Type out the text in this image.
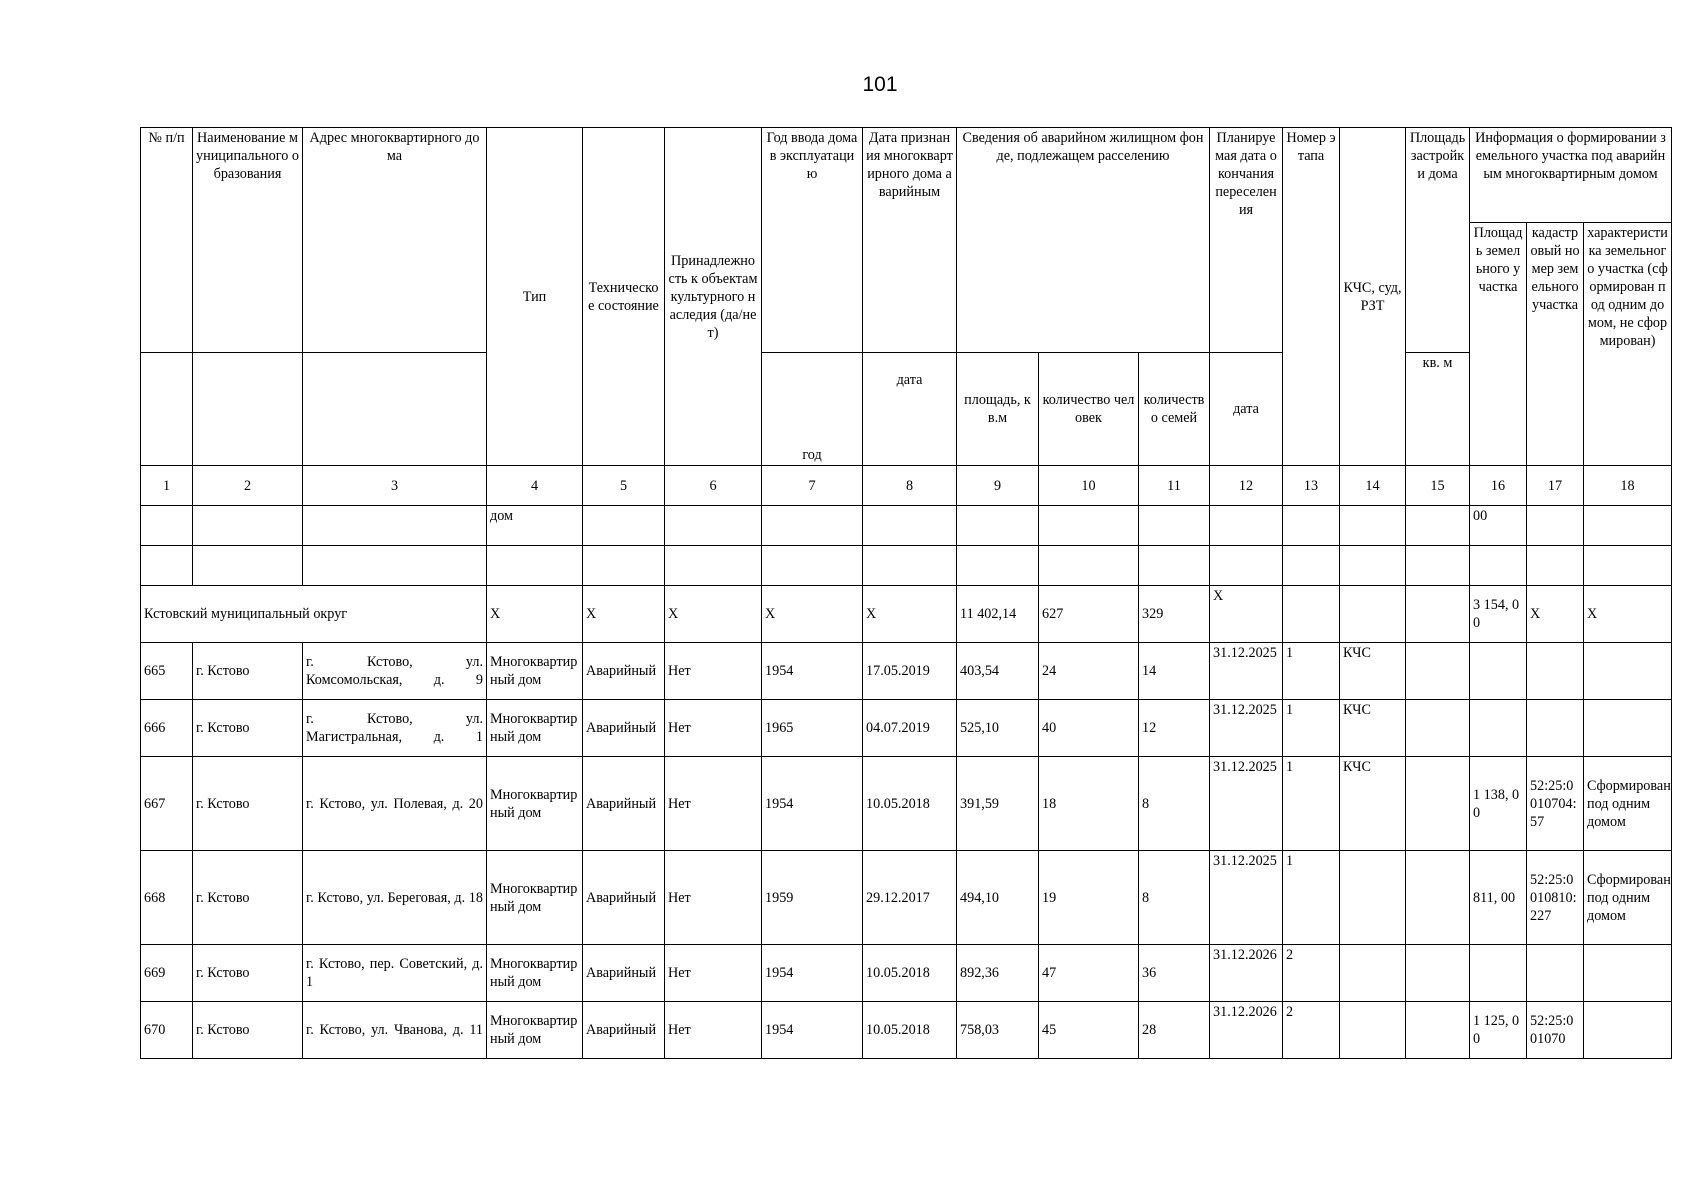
101
№ п/п	Наименование муниципального образования	Адрес многоквартирного дома	Тип	Техническое состояние	Принадлежность к объектам культурного наследия (да/нет)	Год ввода дома в эксплуатацию	Дата признания многоквартирного дома аварийным	Сведения об аварийном жилищном фонде, подлежащем расселению			Планируемая дата окончания переселения	Номер этапа	КЧС, суд, РЗТ	Площадь застройки дома	Информация о формировании земельного участка под аварийным многоквартирным домом		
															Площадь земельного участка	кадастровый номер земельного участка	характеристика земельного участка (сформирован под одним домом, не сформирован)
						год	дата	площадь, кв.м	количество человек	количество семей	дата			кв. м			
1	2	3	4	5	6	7	8	9	10	11	12	13	14	15	16	17	18
			дом												00		

Кстовский муниципальный округ			Х	Х	Х	Х	Х	11 402,14	627	329	Х				3 154, 00	Х	Х
665	г. Кстово	г. Кстово, ул. Комсомольская, д. 9	Многоквартирный дом	Аварийный	Нет	1954	17.05.2019	403,54	24	14	31.12.2025	1	КЧС				
666	г. Кстово	г. Кстово, ул. Магистральная, д. 1	Многоквартирный дом	Аварийный	Нет	1965	04.07.2019	525,10	40	12	31.12.2025	1	КЧС				
667	г. Кстово	г. Кстово, ул. Полевая, д. 20	Многоквартирный дом	Аварийный	Нет	1954	10.05.2018	391,59	18	8	31.12.2025	1	КЧС		1 138, 00	52:25:0010704:57	Сформирован под одним домом
668	г. Кстово	г. Кстово, ул. Береговая, д. 18	Многоквартирный дом	Аварийный	Нет	1959	29.12.2017	494,10	19	8	31.12.2025	1			811, 00	52:25:0010810:227	Сформирован под одним домом
669	г. Кстово	г. Кстово, пер. Советский, д. 1	Многоквартирный дом	Аварийный	Нет	1954	10.05.2018	892,36	47	36	31.12.2026	2					
670	г. Кстово	г. Кстово, ул. Чванова, д. 11	Многоквартирный дом	Аварийный	Нет	1954	10.05.2018	758,03	45	28	31.12.2026	2			1 125, 00	52:25:001070	
